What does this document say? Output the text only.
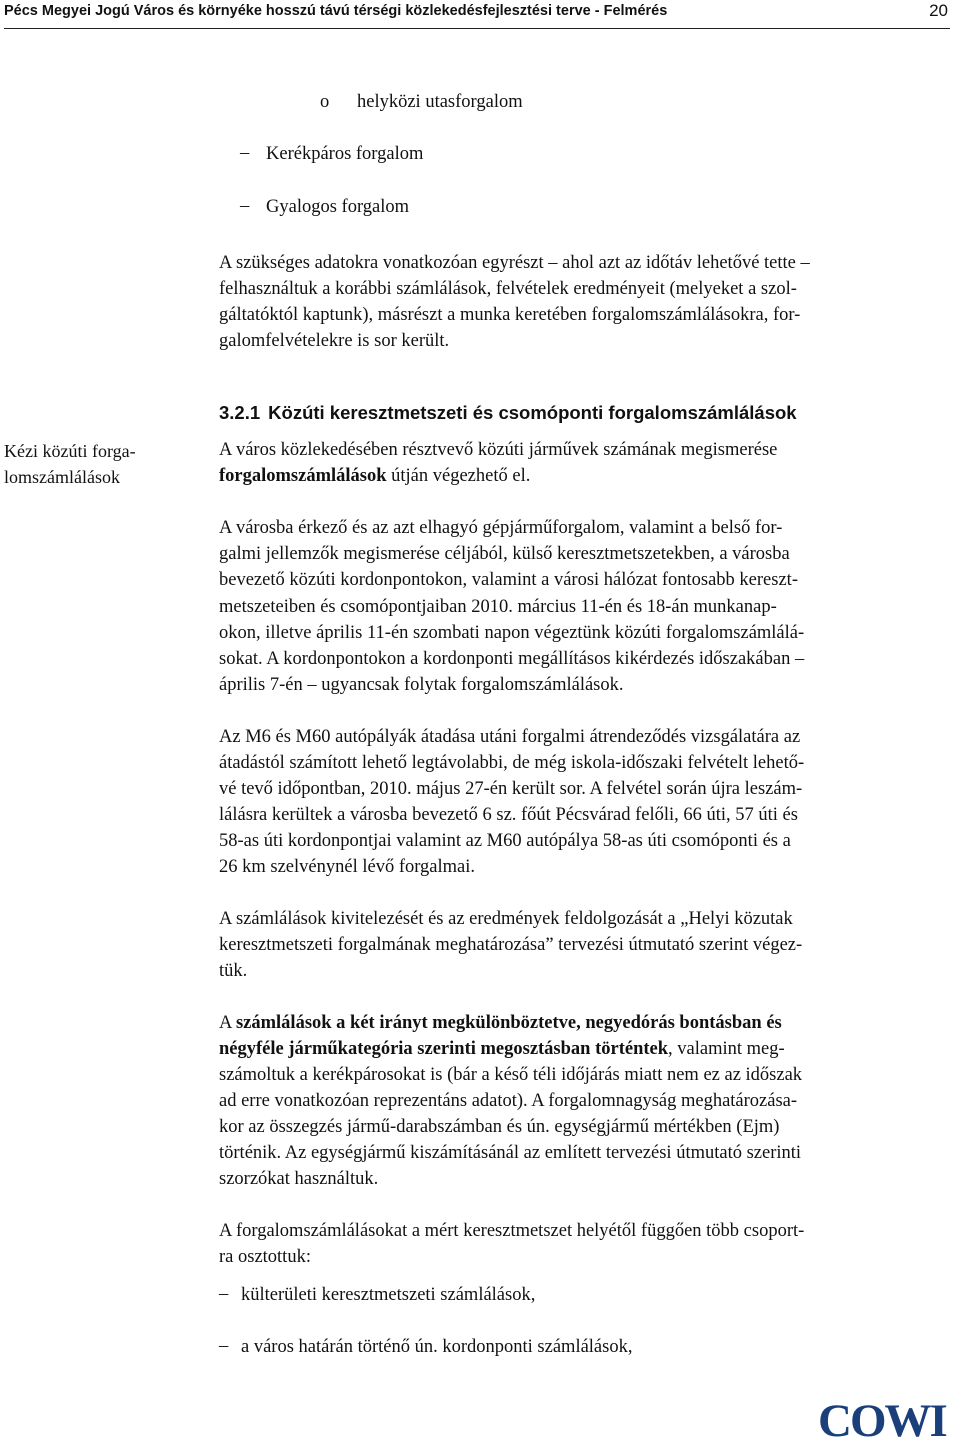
Pécs Megyei Jogú Város és környéke hosszú távú térségi közlekedésfejlesztési terve - Felmérés	20
o helyközi utasforgalom
– Kerékpáros forgalom
– Gyalogos forgalom
A szükséges adatokra vonatkozóan egyrészt – ahol azt az időtáv lehetővé tette –
felhasználtuk a korábbi számlálások, felvételek eredményeit (melyeket a szol-
gáltatóktól kaptunk), másrészt a munka keretében forgalomszámlálásokra, for-
galomfelvételekre is sor került.
3.2.1 Közúti keresztmetszeti és csomóponti forgalomszámlálások
Kézi közúti forga-
lomszámlálások
A város közlekedésében résztvevő közúti járművek számának megismerése
forgalomszámlálások útján végezhető el.
A városba érkező és az azt elhagyó gépjárműforgalom, valamint a belső for-
galmi jellemzők megismerése céljából, külső keresztmetszetekben, a városba
bevezető közúti kordonpontokon, valamint a városi hálózat fontosabb kereszt-
metszeteiben és csomópontjaiban 2010. március 11-én és 18-án munkanap-
okon, illetve április 11-én szombati napon végeztünk közúti forgalomszámlálá-
sokat. A kordonpontokon a kordonponti megállításos kikérdezés időszakában –
április 7-én – ugyancsak folytak forgalomszámlálások.
Az M6 és M60 autópályák átadása utáni forgalmi átrendeződés vizsgálatára az
átadástól számított lehető legtávolabbi, de még iskola-időszaki felvételt lehető-
vé tevő időpontban, 2010. május 27-én került sor. A felvétel során újra leszám-
lálásra kerültek a városba bevezető 6 sz. főút Pécsvárad felőli, 66 úti, 57 úti és
58-as úti kordonpontjai valamint az M60 autópálya 58-as úti csomóponti és a
26 km szelvénynél lévő forgalmai.
A számlálások kivitelezését és az eredmények feldolgozását a „Helyi közutak
keresztmetszeti forgalmának meghatározása” tervezési útmutató szerint végez-
tük.
A számlálások a két irányt megkülönböztetve, negyedórás bontásban és
négyféle járműkategória szerinti megosztásban történtek, valamint meg-
számoltuk a kerékpárosokat is (bár a késő téli időjárás miatt nem ez az időszak
ad erre vonatkozóan reprezentáns adatot). A forgalomnagyság meghatározása-
kor az összegzés jármű-darabszámban és ún. egységjármű mértékben (Ejm)
történik. Az egységjármű kiszámításánál az említett tervezési útmutató szerinti
szorzókat használtuk.
A forgalomszámlálásokat a mért keresztmetszet helyétől függően több csoport-
ra osztottuk:
– külterületi keresztmetszeti számlálások,
– a város határán történő ún. kordonponti számlálások,
COWI
